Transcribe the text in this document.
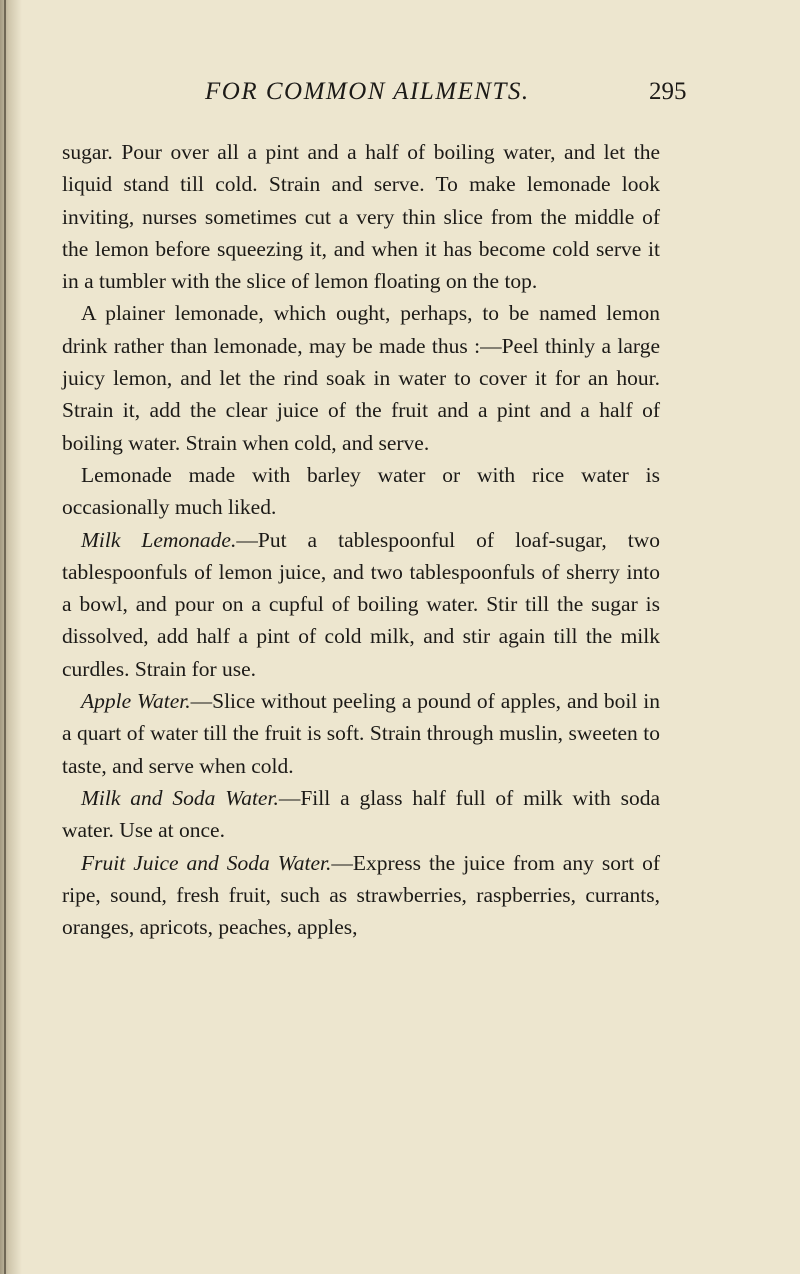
FOR COMMON AILMENTS.	295

sugar. Pour over all a pint and a half of boiling water, and let the liquid stand till cold. Strain and serve. To make lemonade look inviting, nurses sometimes cut a very thin slice from the middle of the lemon before squeezing it, and when it has become cold serve it in a tumbler with the slice of lemon floating on the top.

A plainer lemonade, which ought, perhaps, to be named lemon drink rather than lemonade, may be made thus :—Peel thinly a large juicy lemon, and let the rind soak in water to cover it for an hour. Strain it, add the clear juice of the fruit and a pint and a half of boiling water. Strain when cold, and serve.

Lemonade made with barley water or with rice water is occasionally much liked.

Milk Lemonade.—Put a tablespoonful of loaf-sugar, two tablespoonfuls of lemon juice, and two tablespoonfuls of sherry into a bowl, and pour on a cupful of boiling water. Stir till the sugar is dissolved, add half a pint of cold milk, and stir again till the milk curdles. Strain for use.

Apple Water.—Slice without peeling a pound of apples, and boil in a quart of water till the fruit is soft. Strain through muslin, sweeten to taste, and serve when cold.

Milk and Soda Water.—Fill a glass half full of milk with soda water. Use at once.

Fruit Juice and Soda Water.—Express the juice from any sort of ripe, sound, fresh fruit, such as strawberries, raspberries, currants, oranges, apricots, peaches, apples,
